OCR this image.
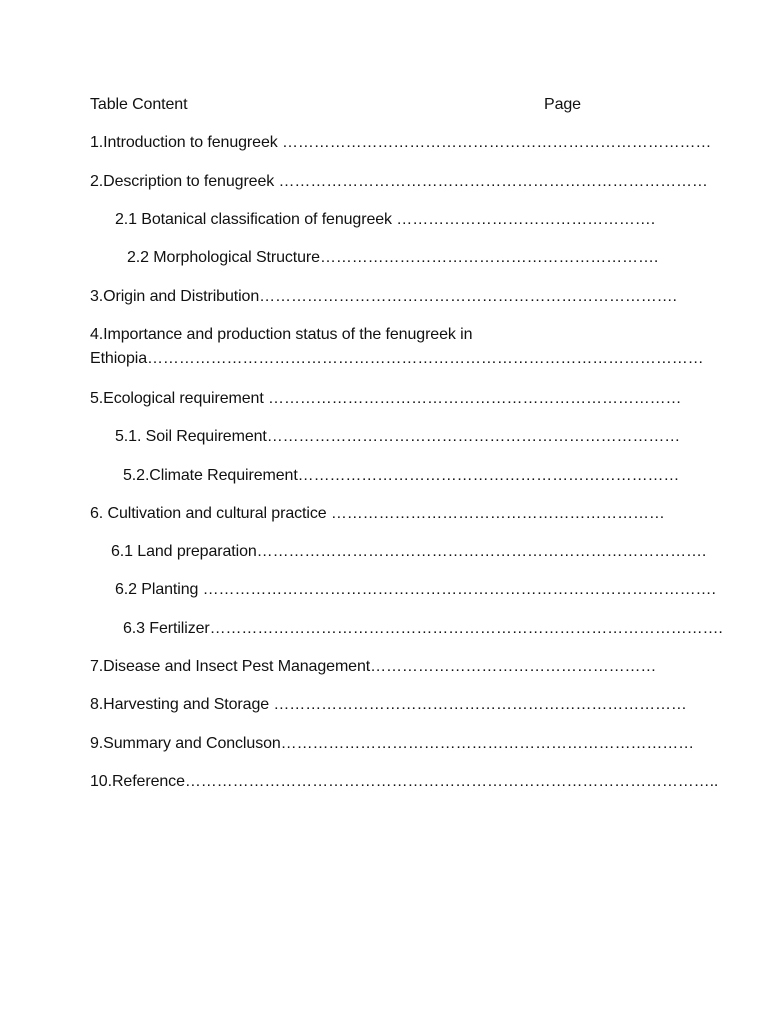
Table Content	Page
1.Introduction to fenugreek ………………………………………………………………………
2.Description to fenugreek ………………………………………………………………………
2.1 Botanical classification of fenugreek ………………………………………….
2.2 Morphological Structure……………………………………………………….
3.Origin and Distribution…………………………………………………………………….
4.Importance and production status of the fenugreek in Ethiopia……………………………………………………………………………………………
5.Ecological requirement ……………………………………………………………………
5.1. Soil Requirement……………………………………………………………………
5.2.Climate Requirement………………………………………………………………
6. Cultivation and cultural practice ………………………………………………………
6.1 Land preparation………………………………………………………………………….
6.2 Planting …………………………………………………………………………………….
6.3 Fertilizer…………………………………………………………………………………….
7.Disease and Insect Pest Management………………………………………………
8.Harvesting and Storage ……………………………………………………………………
9.Summary and Concluson……………………………………………………………………
10.Reference………………………………………………………………………………………..
